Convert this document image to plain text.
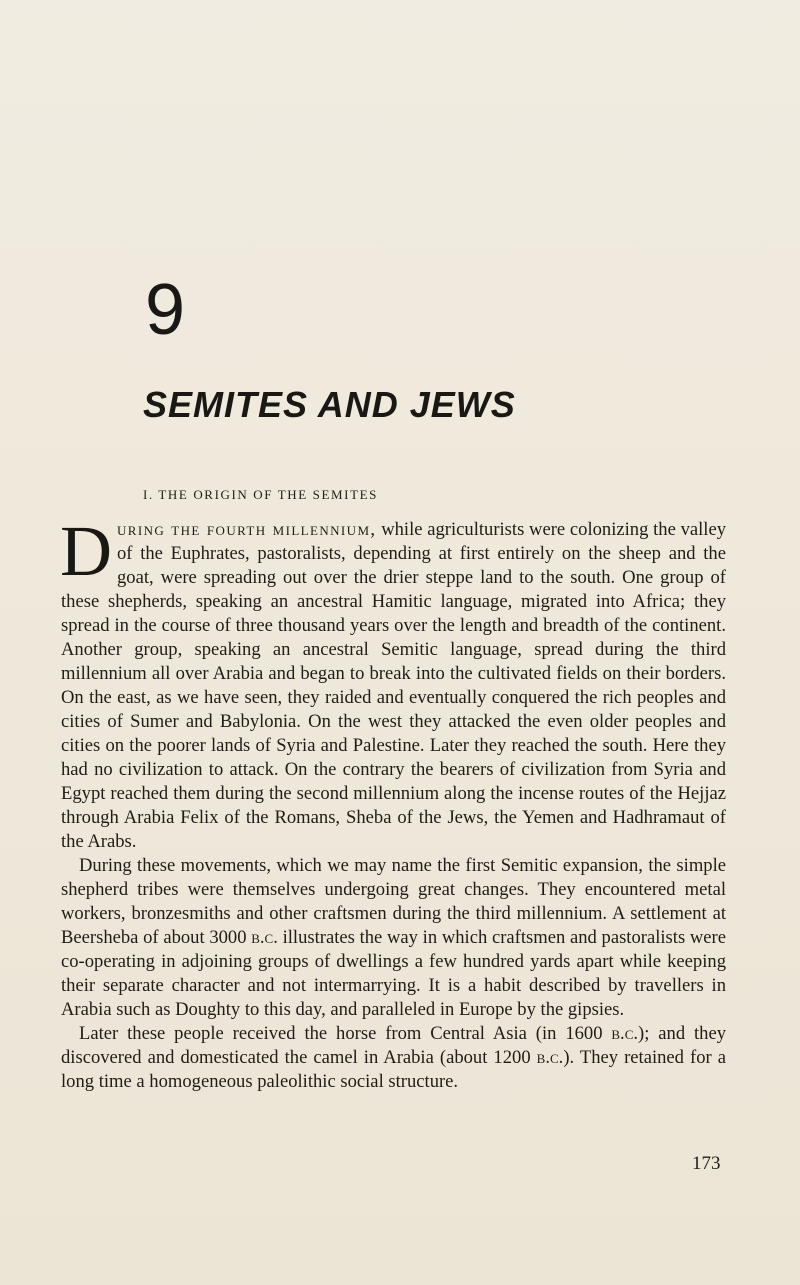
9
SEMITES AND JEWS
I. THE ORIGIN OF THE SEMITES

During the fourth millennium, while agriculturists were colonizing the valley of the Euphrates, pastoralists, depending at first entirely on the sheep and the goat, were spreading out over the drier steppe land to the south. One group of these shepherds, speaking an ancestral Hamitic language, migrated into Africa; they spread in the course of three thousand years over the length and breadth of the continent. Another group, speaking an ancestral Semitic language, spread during the third millennium all over Arabia and began to break into the cultivated fields on their borders. On the east, as we have seen, they raided and eventually conquered the rich peoples and cities of Sumer and Babylonia. On the west they attacked the even older peoples and cities on the poorer lands of Syria and Palestine. Later they reached the south. Here they had no civilization to attack. On the contrary the bearers of civilization from Syria and Egypt reached them during the second millennium along the incense routes of the Hejjaz through Arabia Felix of the Romans, Sheba of the Jews, the Yemen and Hadhramaut of the Arabs.

During these movements, which we may name the first Semitic expansion, the simple shepherd tribes were themselves undergoing great changes. They encountered metal workers, bronzesmiths and other craftsmen during the third millennium. A settlement at Beersheba of about 3000 b.c. illustrates the way in which craftsmen and pastoralists were co-operating in adjoining groups of dwellings a few hundred yards apart while keeping their separate character and not intermarrying. It is a habit described by travellers in Arabia such as Doughty to this day, and paralleled in Europe by the gipsies.

Later these people received the horse from Central Asia (in 1600 b.c.); and they discovered and domesticated the camel in Arabia (about 1200 b.c.). They retained for a long time a homogeneous paleolithic social structure.

173
